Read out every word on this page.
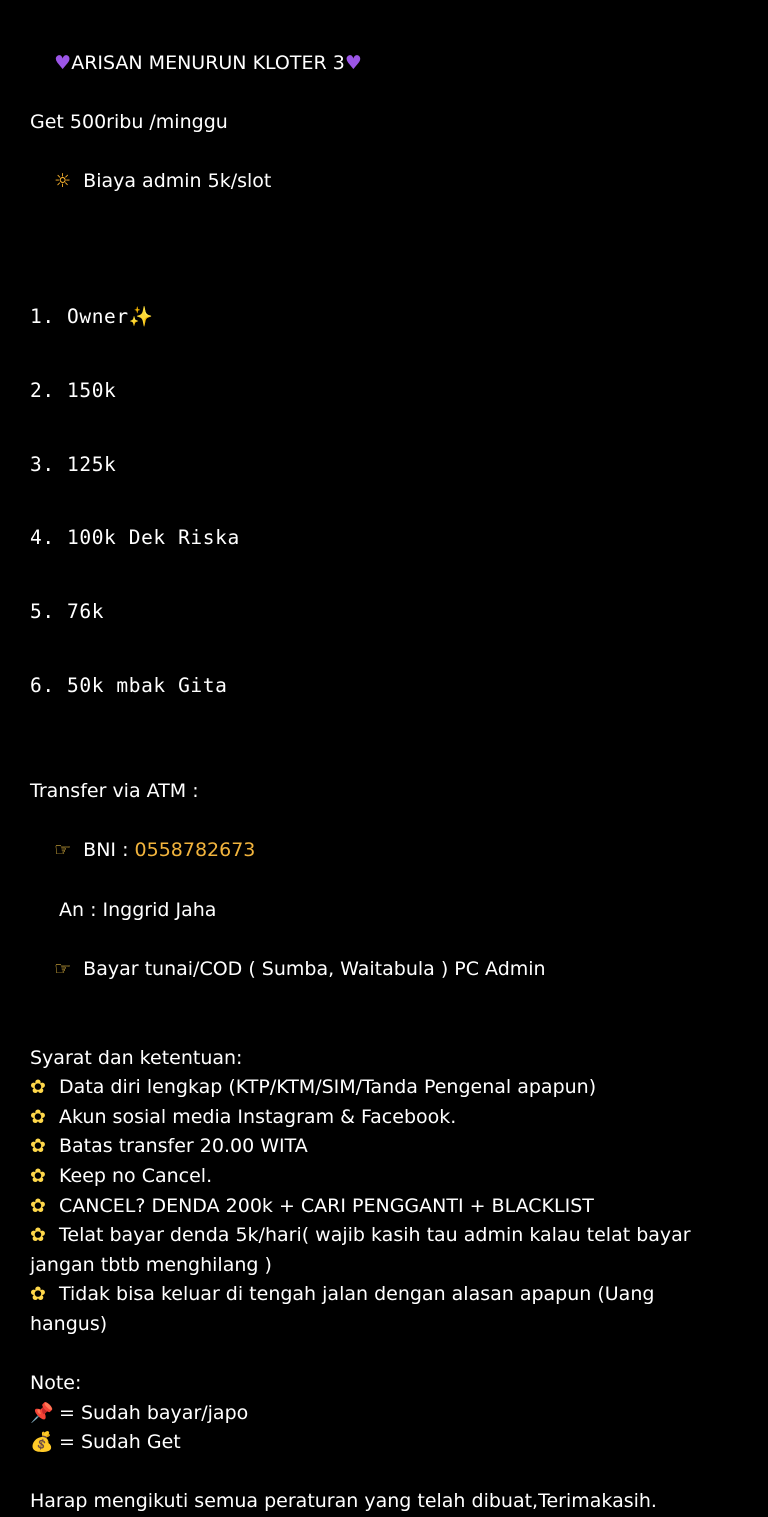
♥ARISAN MENURUN KLOTER 3♥

Get 500ribu /minggu

☼ Biaya admin 5k/slot

1. Owner✨

2. 150k

3. 125k

4. 100k Dek Riska

5. 76k

6. 50k mbak Gita

Transfer via ATM :

☞ BNI : 0558782673

An : Inggrid Jaha

☞ Bayar tunai/COD ( Sumba, Waitabula ) PC Admin

Syarat dan ketentuan:
✿ Data diri lengkap (KTP/KTM/SIM/Tanda Pengenal apapun)
✿ Akun sosial media Instagram & Facebook.
✿ Batas transfer 20.00 WITA
✿ Keep no Cancel.
✿ CANCEL? DENDA 200k + CARI PENGGANTI + BLACKLIST
✿ Telat bayar denda 5k/hari( wajib kasih tau admin kalau telat bayar jangan tbtb menghilang )
✿ Tidak bisa keluar di tengah jalan dengan alasan apapun (Uang hangus)
Note:
📌 = Sudah bayar/japo
💰 = Sudah Get
Harap mengikuti semua peraturan yang telah dibuat,Terimakasih.
